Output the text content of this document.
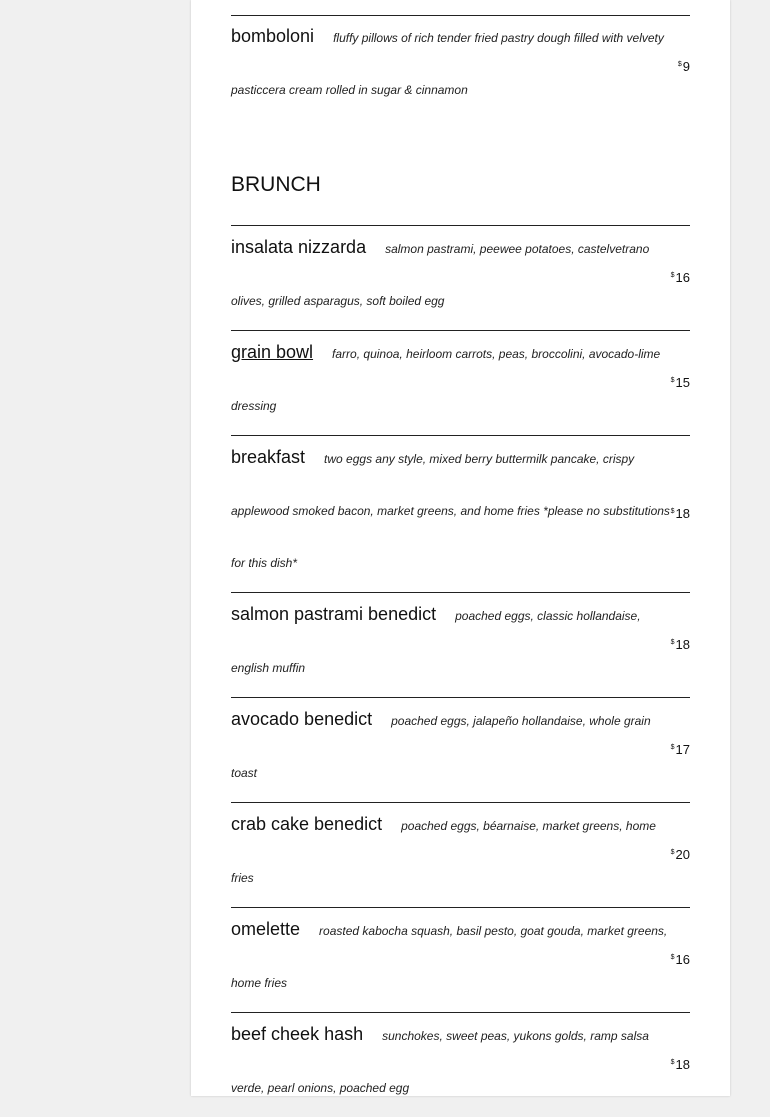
bomboloni fluffy pillows of rich tender fried pastry dough filled with velvety pasticcera cream rolled in sugar & cinnamon
$9
BRUNCH
insalata nizzarda salmon pastrami, peewee potatoes, castelvetrano olives, grilled asparagus, soft boiled egg
$16
grain bowl farro, quinoa, heirloom carrots, peas, broccolini, avocado-lime dressing
$15
breakfast two eggs any style, mixed berry buttermilk pancake, crispy applewood smoked bacon, market greens, and home fries *please no substitutions for this dish*
$18
salmon pastrami benedict poached eggs, classic hollandaise, english muffin
$18
avocado benedict poached eggs, jalapeño hollandaise, whole grain toast
$17
crab cake benedict poached eggs, béarnaise, market greens, home fries
$20
omelette roasted kabocha squash, basil pesto, goat gouda, market greens, home fries
$16
beef cheek hash sunchokes, sweet peas, yukons golds, ramp salsa verde, pearl onions, poached egg
$18
